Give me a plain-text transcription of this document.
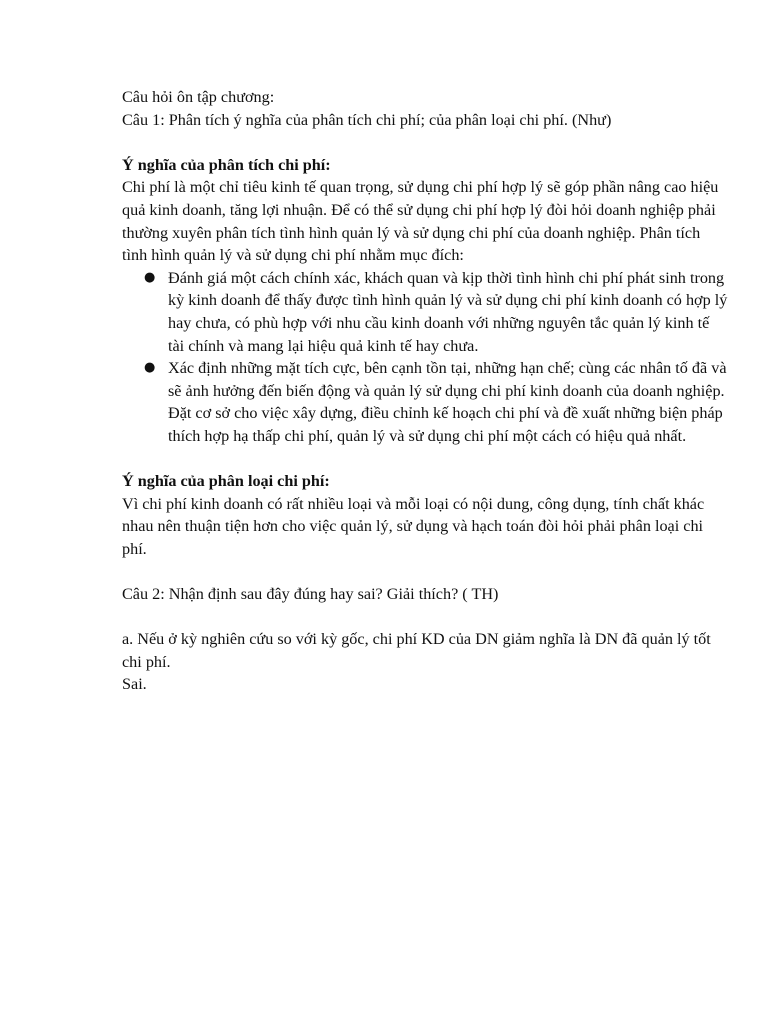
Câu hỏi ôn tập chương:

Câu 1: Phân tích ý nghĩa của phân tích chi phí; của phân loại chi phí. (Như)

Ý nghĩa của phân tích chi phí:

Chi phí là một chỉ tiêu kinh tế quan trọng, sử dụng chi phí hợp lý sẽ góp phần nâng cao hiệu quả kinh doanh, tăng lợi nhuận. Để có thể sử dụng chi phí hợp lý đòi hỏi doanh nghiệp phải thường xuyên phân tích tình hình quản lý và sử dụng chi phí của doanh nghiệp. Phân tích tình hình quản lý và sử dụng chi phí nhằm mục đích:

● Đánh giá một cách chính xác, khách quan và kịp thời tình hình chi phí phát sinh trong kỳ kinh doanh để thấy được tình hình quản lý và sử dụng chi phí kinh doanh có hợp lý hay chưa, có phù hợp với nhu cầu kinh doanh với những nguyên tắc quản lý kinh tế tài chính và mang lại hiệu quả kinh tế hay chưa.
● Xác định những mặt tích cực, bên cạnh tồn tại, những hạn chế; cùng các nhân tố đã và sẽ ảnh hưởng đến biến động và quản lý sử dụng chi phí kinh doanh của doanh nghiệp. Đặt cơ sở cho việc xây dựng, điều chỉnh kế hoạch chi phí và đề xuất những biện pháp thích hợp hạ thấp chi phí, quản lý và sử dụng chi phí một cách có hiệu quả nhất.

Ý nghĩa của phân loại chi phí:

Vì chi phí kinh doanh có rất nhiều loại và mỗi loại có nội dung, công dụng, tính chất khác nhau nên thuận tiện hơn cho việc quản lý, sử dụng và hạch toán đòi hỏi phải phân loại chi phí.

Câu 2: Nhận định sau đây đúng hay sai? Giải thích? ( TH)

a. Nếu ở kỳ nghiên cứu so với kỳ gốc, chi phí KD của DN giảm nghĩa là DN đã quản lý tốt chi phí.

Sai.
